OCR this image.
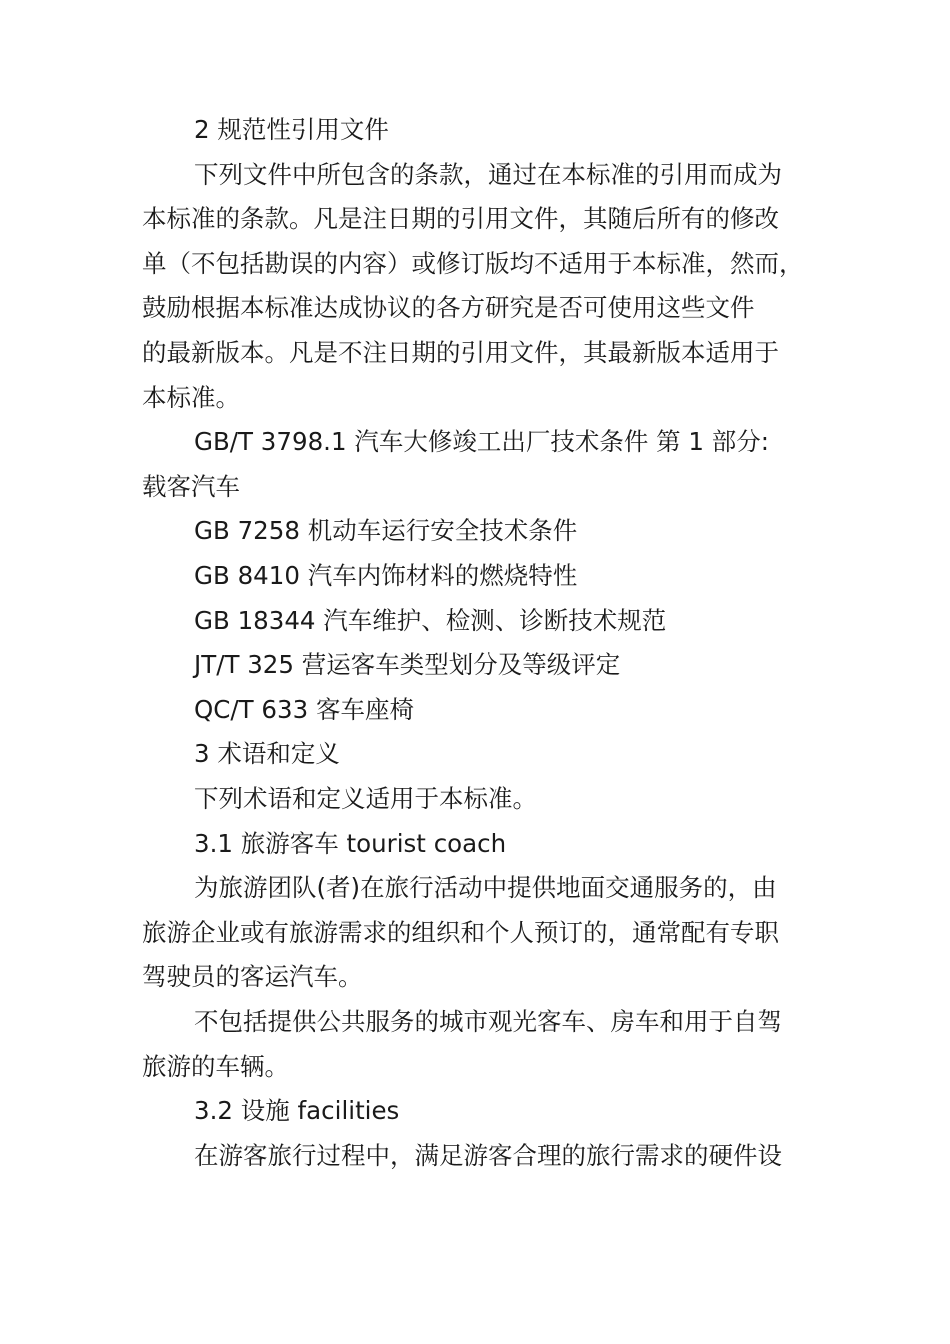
2 规范性引用文件
下列文件中所包含的条款，通过在本标准的引用而成为
本标准的条款。凡是注日期的引用文件，其随后所有的修改
单（不包括勘误的内容）或修订版均不适用于本标准，然而，
鼓励根据本标准达成协议的各方研究是否可使用这些文件
的最新版本。凡是不注日期的引用文件，其最新版本适用于
本标准。
GB/T 3798.1 汽车大修竣工出厂技术条件 第 1 部分:
载客汽车
GB 7258 机动车运行安全技术条件
GB 8410 汽车内饰材料的燃烧特性
GB 18344 汽车维护、检测、诊断技术规范
JT/T 325 营运客车类型划分及等级评定
QC/T 633 客车座椅
3 术语和定义
下列术语和定义适用于本标准。
3.1 旅游客车 tourist coach
为旅游团队(者)在旅行活动中提供地面交通服务的，由
旅游企业或有旅游需求的组织和个人预订的，通常配有专职
驾驶员的客运汽车。
不包括提供公共服务的城市观光客车、房车和用于自驾
旅游的车辆。
3.2 设施 facilities
在游客旅行过程中，满足游客合理的旅行需求的硬件设
